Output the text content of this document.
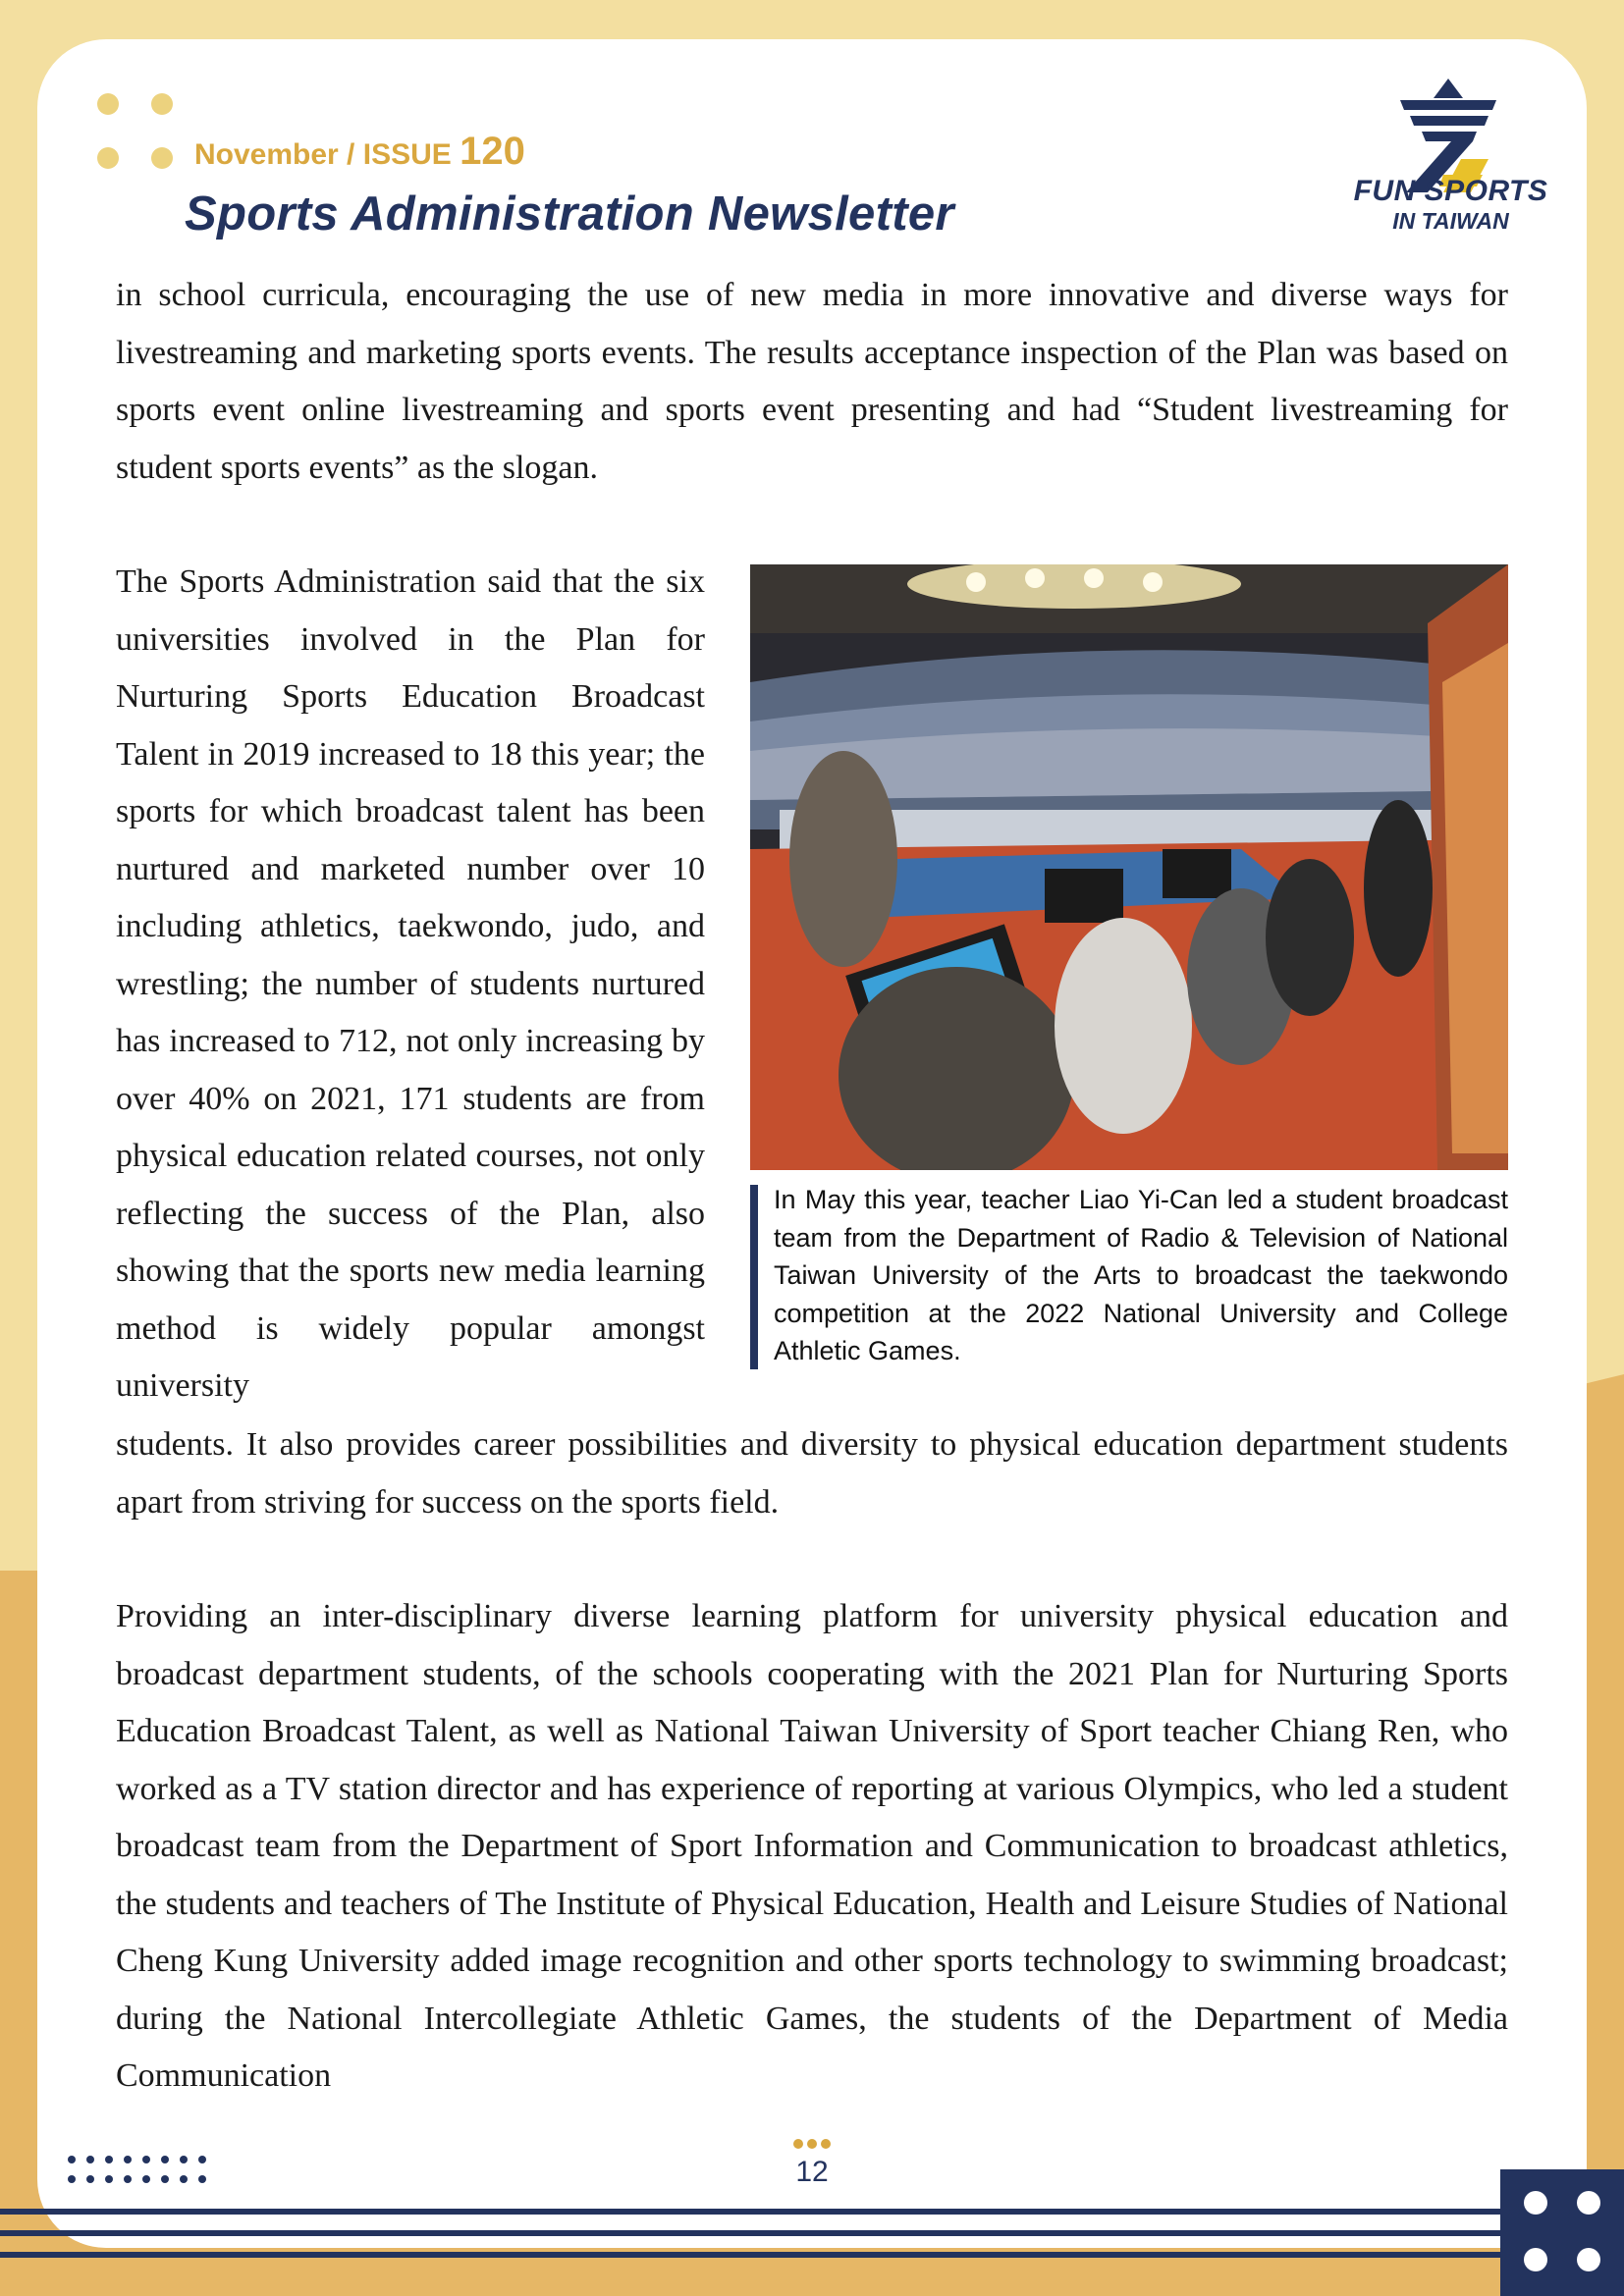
November / ISSUE 120
Sports Administration Newsletter	FUN SPORTS
IN TAIWAN

in school curricula, encouraging the use of new media in more innovative and diverse ways for livestreaming and marketing sports events. The results acceptance inspection of the Plan was based on sports event online livestreaming and sports event presenting and had “Student livestreaming for student sports events” as the slogan.

The Sports Administration said that the six universities involved in the Plan for Nurturing Sports Education Broadcast Talent in 2019 increased to 18 this year; the sports for which broadcast talent has been nurtured and marketed number over 10 including athletics, taekwondo, judo, and wrestling; the number of students nurtured has increased to 712, not only increasing by over 40% on 2021, 171 students are from physical education related courses, not only reflecting the success of the Plan, also showing that the sports new media learning method is widely popular amongst university

In May this year, teacher Liao Yi-Can led a student broadcast team from the Department of Radio & Television of National Taiwan University of the Arts to broadcast the taekwondo competition at the 2022 National University and College Athletic Games.

students. It also provides career possibilities and diversity to physical education department students apart from striving for success on the sports field.

Providing an inter-disciplinary diverse learning platform for university physical education and broadcast department students, of the schools cooperating with the 2021 Plan for Nurturing Sports Education Broadcast Talent, as well as National Taiwan University of Sport teacher Chiang Ren, who worked as a TV station director and has experience of reporting at various Olympics, who led a student broadcast team from the Department of Sport Information and Communication to broadcast athletics, the students and teachers of The Institute of Physical Education, Health and Leisure Studies of National Cheng Kung University added image recognition and other sports technology to swimming broadcast; during the National Intercollegiate Athletic Games, the students of the Department of Media Communication

12
